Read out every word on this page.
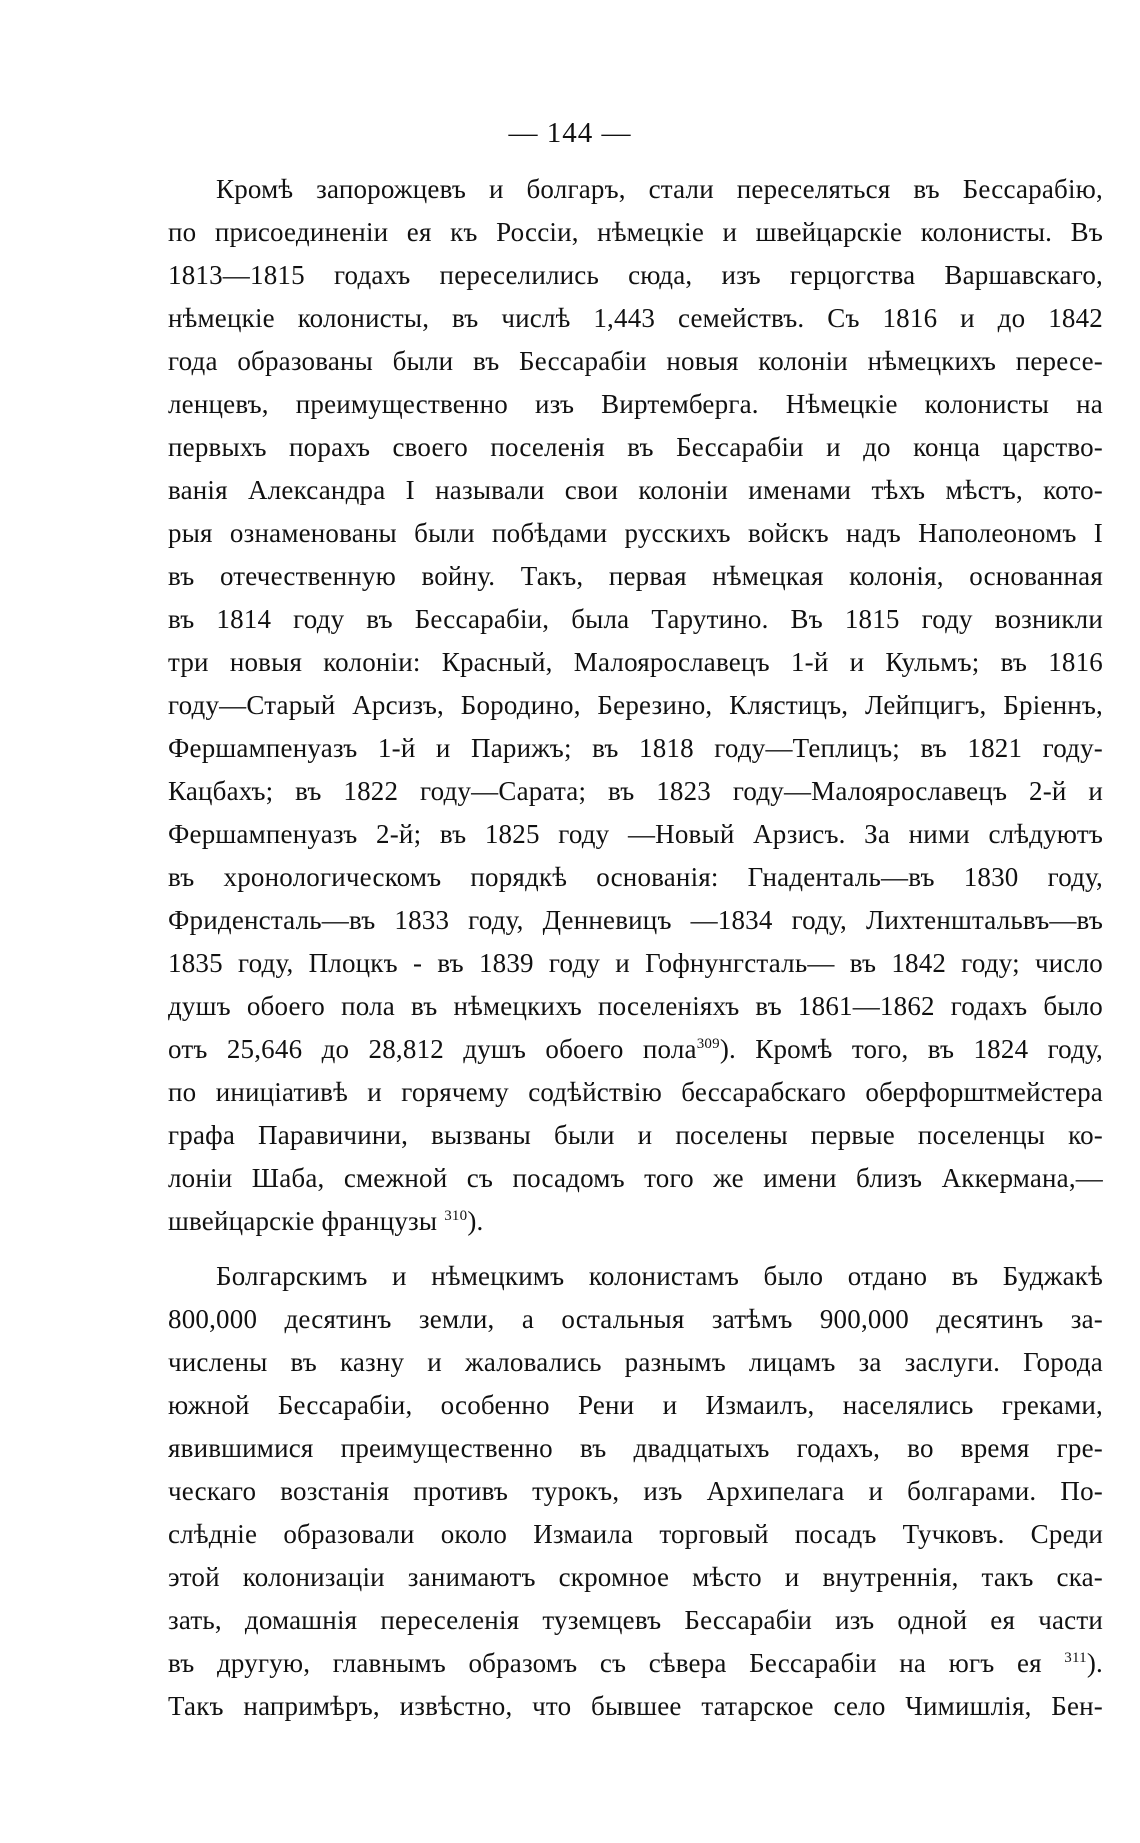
— 144 —
Кромѣ запорожцевъ и болгаръ, стали переселяться въ Бессарабію,
по присоединеніи ея къ Россіи, нѣмецкіе и швейцарскіе колонисты. Въ
1813—1815 годахъ переселились сюда, изъ герцогства Варшавскаго,
нѣмецкіе колонисты, въ числѣ 1,443 семействъ. Съ 1816 и до 1842
года образованы были въ Бессарабіи новыя колоніи нѣмецкихъ пересе-
ленцевъ, преимущественно изъ Виртемберга. Нѣмецкіе колонисты на
первыхъ порахъ своего поселенія въ Бессарабіи и до конца царство-
ванія Александра I называли свои колоніи именами тѣхъ мѣстъ, кото-
рыя ознаменованы были побѣдами русскихъ войскъ надъ Наполеономъ I
въ отечественную войну. Такъ, первая нѣмецкая колонія, основанная
въ 1814 году въ Бессарабіи, была Тарутино. Въ 1815 году возникли
три новыя колоніи: Красный, Малоярославецъ 1-й и Кульмъ; въ 1816
году—Старый Арсизъ, Бородино, Березино, Клястицъ, Лейпцигъ, Бріеннъ,
Фершампенуазъ 1-й и Парижъ; въ 1818 году—Теплицъ; въ 1821 году-
Кацбахъ; въ 1822 году—Сарата; въ 1823 году—Малоярославецъ 2-й и
Фершампенуазъ 2-й; въ 1825 году —Новый Арзисъ. За ними слѣдуютъ
въ хронологическомъ порядкѣ основанія: Гнаденталь—въ 1830 году,
Фриденсталь—въ 1833 году, Денневицъ —1834 году, Лихтенштальвъ—въ
1835 году, Плоцкъ - въ 1839 году и Гофнунгсталь— въ 1842 году; число
душъ обоего пола въ нѣмецкихъ поселеніяхъ въ 1861—1862 годахъ было
отъ 25,646 до 28,812 душъ обоего пола$^{309}$). Кромѣ того, въ 1824 году,
по иниціативѣ и горячему содѣйствію бессарабскаго оберфорштмейстера
графа Паравичини, вызваны были и поселены первые поселенцы ко-
лоніи Шаба, смежной съ посадомъ того же имени близъ Аккермана,—
швейцарскіе французы $^{310}$).
Болгарскимъ и нѣмецкимъ колонистамъ было отдано въ Буджакѣ
800,000 десятинъ земли, а остальныя затѣмъ 900,000 десятинъ за-
числены въ казну и жаловались разнымъ лицамъ за заслуги. Города
южной Бессарабіи, особенно Рени и Измаилъ, населялись греками,
явившимися преимущественно въ двадцатыхъ годахъ, во время гре-
ческаго возстанія противъ турокъ, изъ Архипелага и болгарами. По-
слѣдніе образовали около Измаила торговый посадъ Тучковъ. Среди
этой колонизаціи занимаютъ скромное мѣсто и внутреннія, такъ ска-
зать, домашнія переселенія туземцевъ Бессарабіи изъ одной ея части
въ другую, главнымъ образомъ съ сѣвера Бессарабіи на югъ ея $^{311}$).
Такъ напримѣръ, извѣстно, что бывшее татарское село Чимишлія, Бен-
